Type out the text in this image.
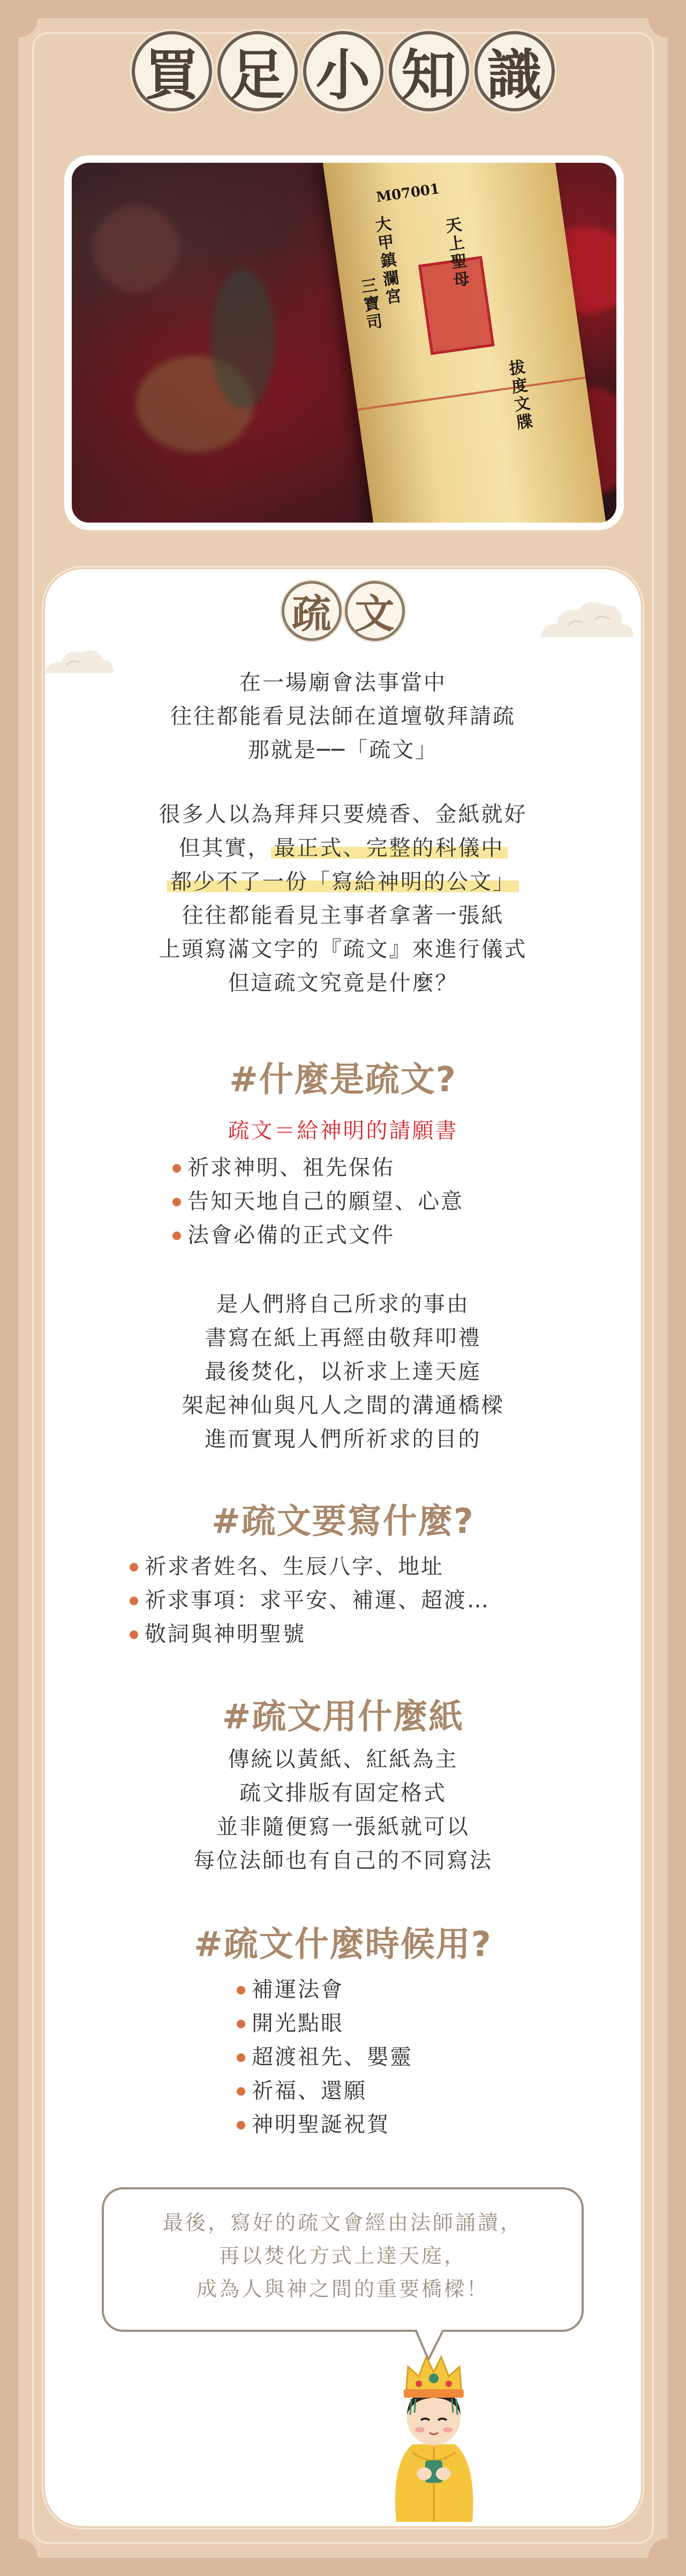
買 足 小 知 識
M07001
三寶司
大甲鎮瀾宮 天上聖母
拔度文牒
疏 文
在一場廟會法事當中
往往都能看見法師在道壇敬拜請疏
那就是──「疏文」
很多人以為拜拜只要燒香、金紙就好
但其實， 最正式、完整的科儀中
都少不了一份「寫給神明的公文」
往往都能看見主事者拿著一張紙
上頭寫滿文字的『疏文』來進行儀式
但這疏文究竟是什麼？
#什麼是疏文?
疏文＝給神明的請願書
祈求神明、祖先保佑
告知天地自己的願望、心意
法會必備的正式文件
是人們將自己所求的事由
書寫在紙上再經由敬拜叩禮
最後焚化，以祈求上達天庭
架起神仙與凡人之間的溝通橋樑
進而實現人們所祈求的目的
#疏文要寫什麼?
祈求者姓名、生辰八字、地址
祈求事項：求平安、補運、超渡…
敬詞與神明聖號
#疏文用什麼紙
傳統以黃紙、紅紙為主
疏文排版有固定格式
並非隨便寫一張紙就可以
每位法師也有自己的不同寫法
#疏文什麼時候用?
補運法會
開光點眼
超渡祖先、嬰靈
祈福、還願
神明聖誕祝賀
最後，寫好的疏文會經由法師誦讀，
再以焚化方式上達天庭，
成為人與神之間的重要橋樑！
